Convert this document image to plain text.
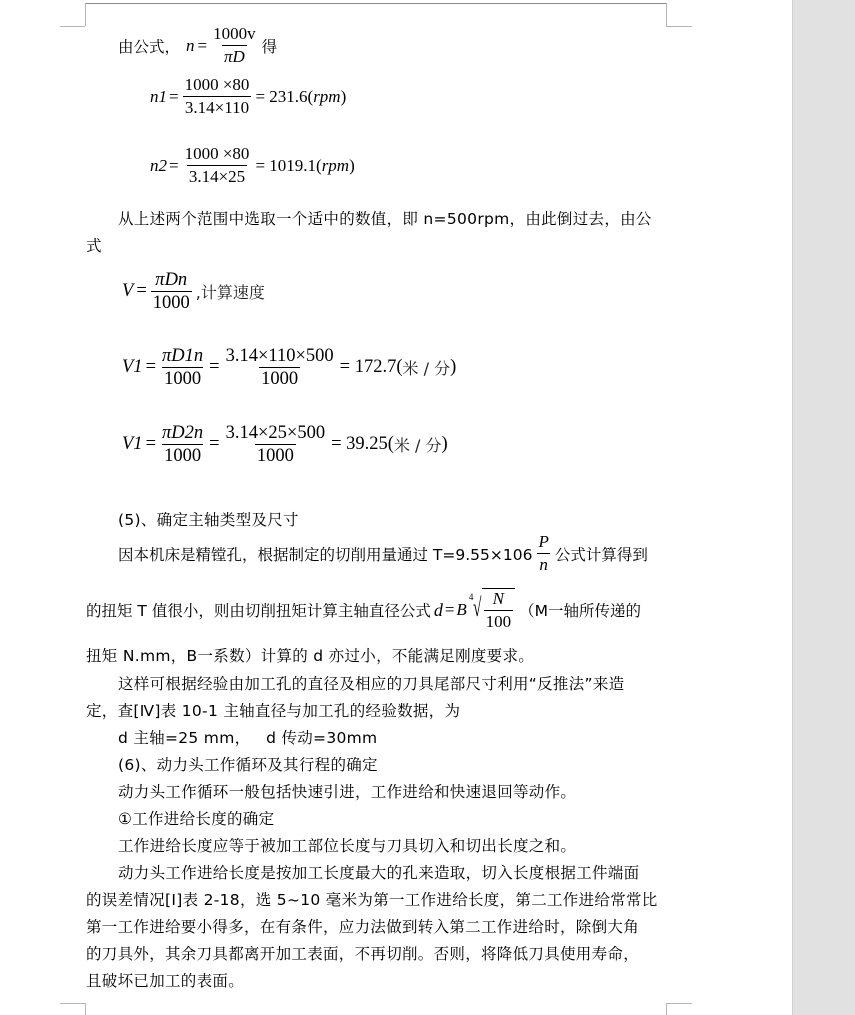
由公式， $n = \frac{1000v}{\pi D}$ 得
$n1 = \frac{1000 \times 80}{3.14\times 110} = 231.6$( rpm )
$n2 = \frac{1000 \times 80}{3.14\times 25} = 1019.1$( rpm )
从上述两个范围中选取一个适中的数值，即 n=500rpm，由此倒过去，由公
式
$V = \frac{\text{πDn}}{1000}$ ,计算速度
$V1 = \frac{\pi D1n}{1000} = \frac{3.14\times 110\times 500}{1000} = 172.7$( 米 / 分 )
$V1 = \frac{\pi D2n}{1000} = \frac{3.14\times 25\times 500}{1000} = 39.25$( 米 / 分 )
(5)、确定主轴类型及尺寸
因本机床是精镗孔，根据制定的切削用量通过 $T=9.55\times 106 \frac{P}{n}$ 公式计算得到
的扭矩 T 值很小，则由切削扭矩计算主轴直径公式 d = B
4 √ $\frac{N}{100} (M$一轴所传递的
扭矩 N.mm，B一系数）计算的 d 亦过小，不能满足刚度要求。
这样可根据经验由加工孔的直径及相应的刀具尾部尺寸利用“反推法”来造
定，查[Ⅳ]表 10-1 主轴直径与加工孔的经验数据，为
d 主轴=25 mm，   d 传动=30mm
(6)、动力头工作循环及其行程的确定
动力头工作循环一般包括快速引进，工作进给和快速退回等动作。
①工作进给长度的确定
工作进给长度应等于被加工部位长度与刀具切入和切出长度之和。
动力头工作进给长度是按加工长度最大的孔来造取，切入长度根据工件端面
的误差情况[I]表 2-18，选 5~10 毫米为第一工作进给长度，第二工作进给常常比
第一工作进给要小得多，在有条件，应力法做到转入第二工作进给时，除倒大角
的刀具外，其余刀具都离开加工表面，不再切削。否则，将降低刀具使用寿命，
且破坏已加工的表面。
